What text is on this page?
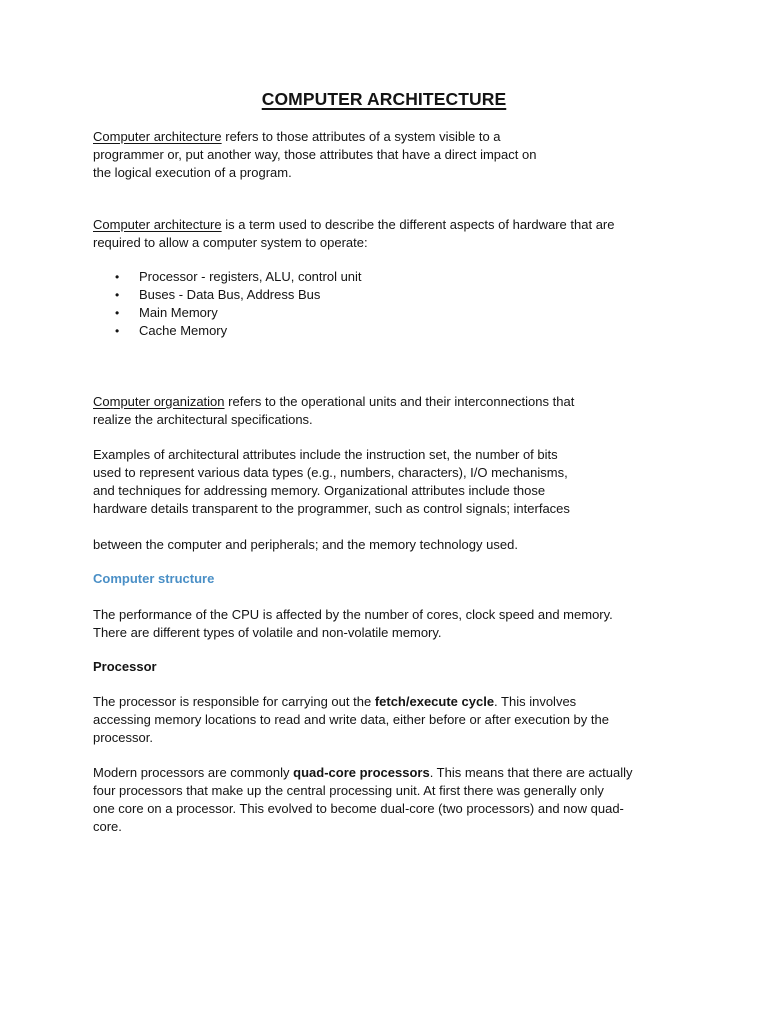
COMPUTER ARCHITECTURE
Computer architecture refers to those attributes of a system visible to a
programmer or, put another way, those attributes that have a direct impact on
the logical execution of a program.
Computer architecture is a term used to describe the different aspects of hardware that are
required to allow a computer system to operate:
• Processor - registers, ALU, control unit
• Buses - Data Bus, Address Bus
• Main Memory
• Cache Memory
Computer organization refers to the operational units and their interconnections that
realize the architectural specifications.
Examples of architectural attributes include the instruction set, the number of bits
used to represent various data types (e.g., numbers, characters), I/O mechanisms,
and techniques for addressing memory. Organizational attributes include those
hardware details transparent to the programmer, such as control signals; interfaces
between the computer and peripherals; and the memory technology used.
Computer structure
The performance of the CPU is affected by the number of cores, clock speed and memory.
There are different types of volatile and non-volatile memory.
Processor
The processor is responsible for carrying out the fetch/execute cycle. This involves
accessing memory locations to read and write data, either before or after execution by the
processor.
Modern processors are commonly quad-core processors. This means that there are actually
four processors that make up the central processing unit. At first there was generally only
one core on a processor. This evolved to become dual-core (two processors) and now quad-
core.
